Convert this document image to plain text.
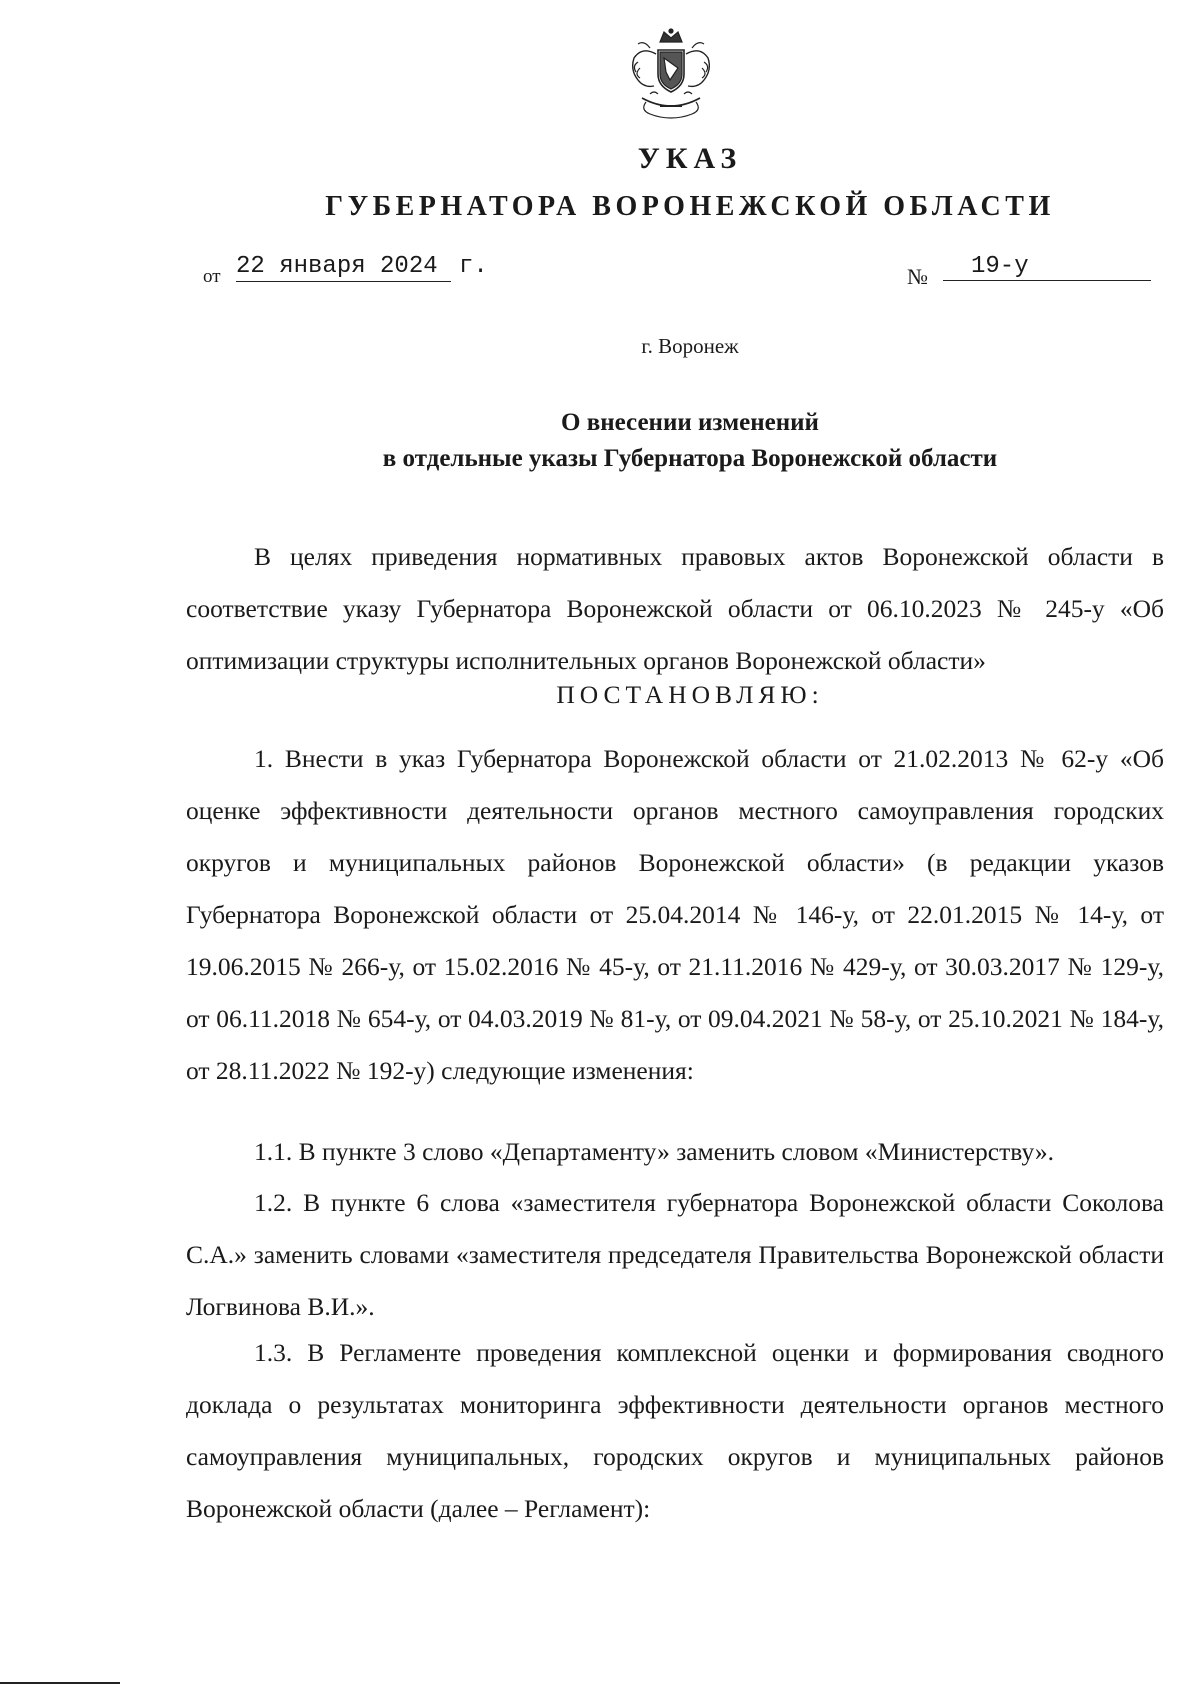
УКАЗ
ГУБЕРНАТОРА ВОРОНЕЖСКОЙ ОБЛАСТИ
от 22 января 2024 г.	№	19-у
г. Воронеж
О внесении изменений
в отдельные указы Губернатора Воронежской области
В целях приведения нормативных правовых актов Воронежской области в соответствие указу Губернатора Воронежской области от 06.10.2023 № 245-у «Об оптимизации структуры исполнительных органов Воронежской области»
ПОСТАНОВЛЯЮ:
1. Внести в указ Губернатора Воронежской области от 21.02.2013 № 62-у «Об оценке эффективности деятельности органов местного самоуправления городских округов и муниципальных районов Воронежской области» (в редакции указов Губернатора Воронежской области от 25.04.2014 № 146-у, от 22.01.2015 № 14-у, от 19.06.2015 № 266-у, от 15.02.2016 № 45-у, от 21.11.2016 № 429-у, от 30.03.2017 № 129-у, от 06.11.2018 № 654-у, от 04.03.2019 № 81-у, от 09.04.2021 № 58-у, от 25.10.2021 № 184-у, от 28.11.2022 № 192-у) следующие изменения:
1.1. В пункте 3 слово «Департаменту» заменить словом «Министерству».
1.2. В пункте 6 слова «заместителя губернатора Воронежской области Соколова С.А.» заменить словами «заместителя председателя Правительства Воронежской области Логвинова В.И.».
1.3. В Регламенте проведения комплексной оценки и формирования сводного доклада о результатах мониторинга эффективности деятельности органов местного самоуправления муниципальных, городских округов и муниципальных районов Воронежской области (далее – Регламент):
